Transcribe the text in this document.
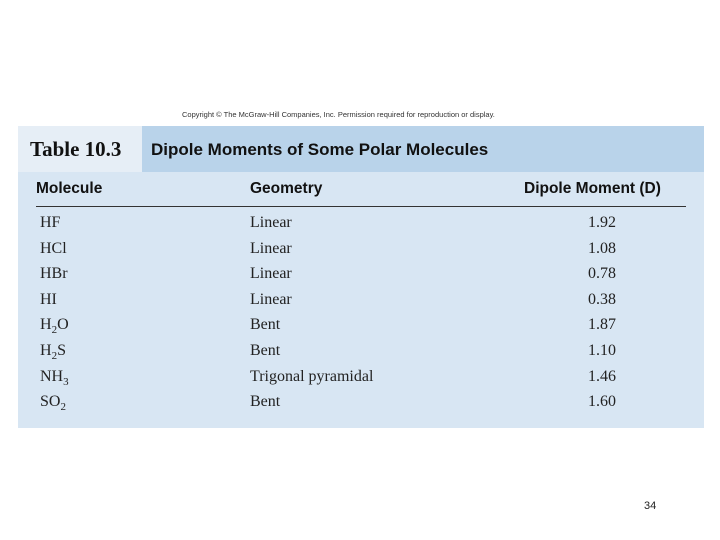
Copyright © The McGraw-Hill Companies, Inc. Permission required for reproduction or display.
Table 10.3 Dipole Moments of Some Polar Molecules
Molecule	Geometry	Dipole Moment (D)
HF	Linear	1.92
HCl	Linear	1.08
HBr	Linear	0.78
HI	Linear	0.38
$H_2O$	Bent	1.87
$H_2S$	Bent	1.10
$NH_3$	Trigonal pyramidal	1.46
$SO_2$	Bent	1.60
34
